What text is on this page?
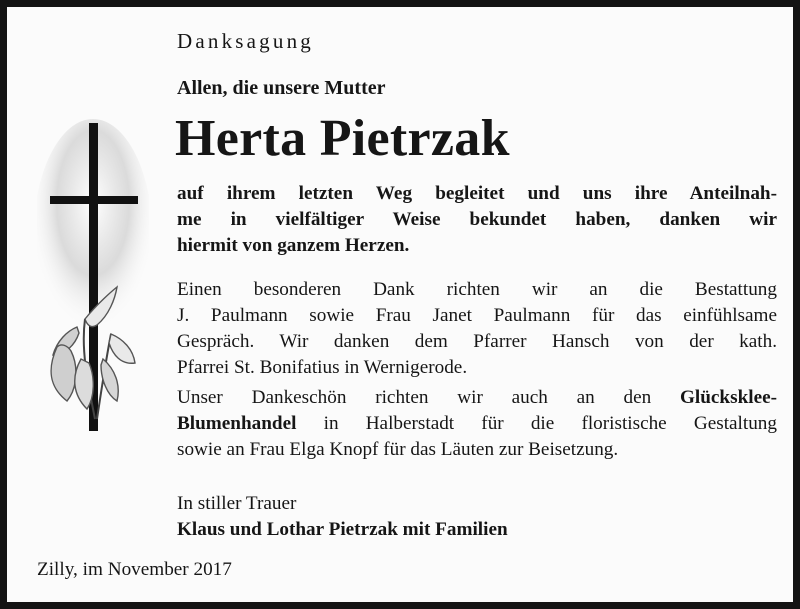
Danksagung

Allen, die unsere Mutter

Herta Pietrzak

auf ihrem letzten Weg begleitet und uns ihre Anteilnah-
me in vielfältiger Weise bekundet haben, danken wir
hiermit von ganzem Herzen.
Einen besonderen Dank richten wir an die Bestattung
J. Paulmann sowie Frau Janet Paulmann für das einfühlsame
Gespräch. Wir danken dem Pfarrer Hansch von der kath.
Pfarrei St. Bonifatius in Wernigerode.
Unser Dankeschön richten wir auch an den Glücksklee-
Blumenhandel in Halberstadt für die floristische Gestaltung
sowie an Frau Elga Knopf für das Läuten zur Beisetzung.

In stiller Trauer

Klaus und Lothar Pietrzak mit Familien

Zilly, im November 2017
